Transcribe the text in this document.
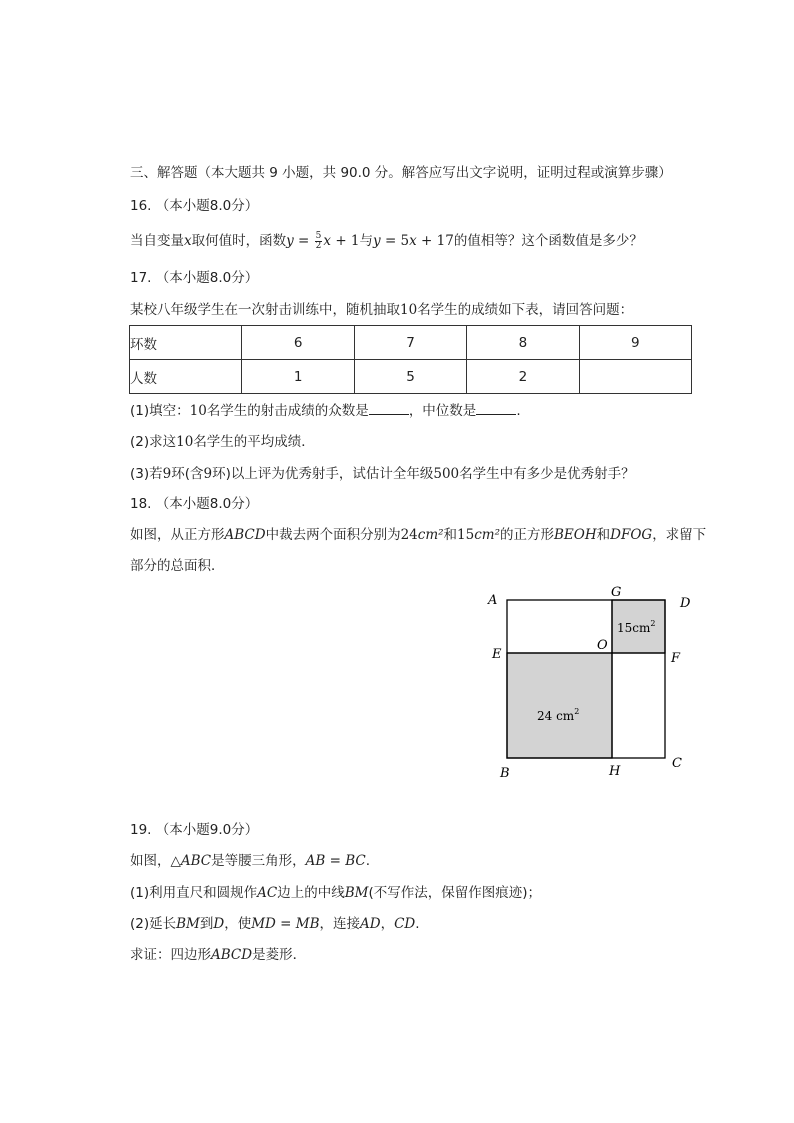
三、解答题（本大题共 9 小题，共 90.0 分。解答应写出文字说明，证明过程或演算步骤）
16. （本小题8.0分）
当自变量x取何值时，函数$y = \frac{5}{2}$ x + 1与y = 5x + 17的值相等？这个函数值是多少？
17. （本小题8.0分）
某校八年级学生在一次射击训练中，随机抽取10名学生的成绩如下表，请回答问题：
环数	6	7	8	9
人数	1	5	2	
(1)填空：10名学生的射击成绩的众数是	，中位数是	.
(2)求这10名学生的平均成绩．
(3)若9环(含9环)以上评为优秀射手，试估计全年级500名学生中有多少是优秀射手？
18. （本小题8.0分）
如图，从正方形ABCD中裁去两个面积分别为24cm²和15cm²的正方形BEOH和DFOG，求留下
部分的总面积．
A
B
C
D
E	F
G
H
O
$15cm^2$
24 $cm^2$
19. （本小题9.0分）
如图，△ABC是等腰三角形，AB = BC.
(1)利用直尺和圆规作AC边上的中线BM(不写作法，保留作图痕迹)；
(2)延长BM到D，使MD = MB，连接AD，CD.
求证：四边形ABCD是菱形．
